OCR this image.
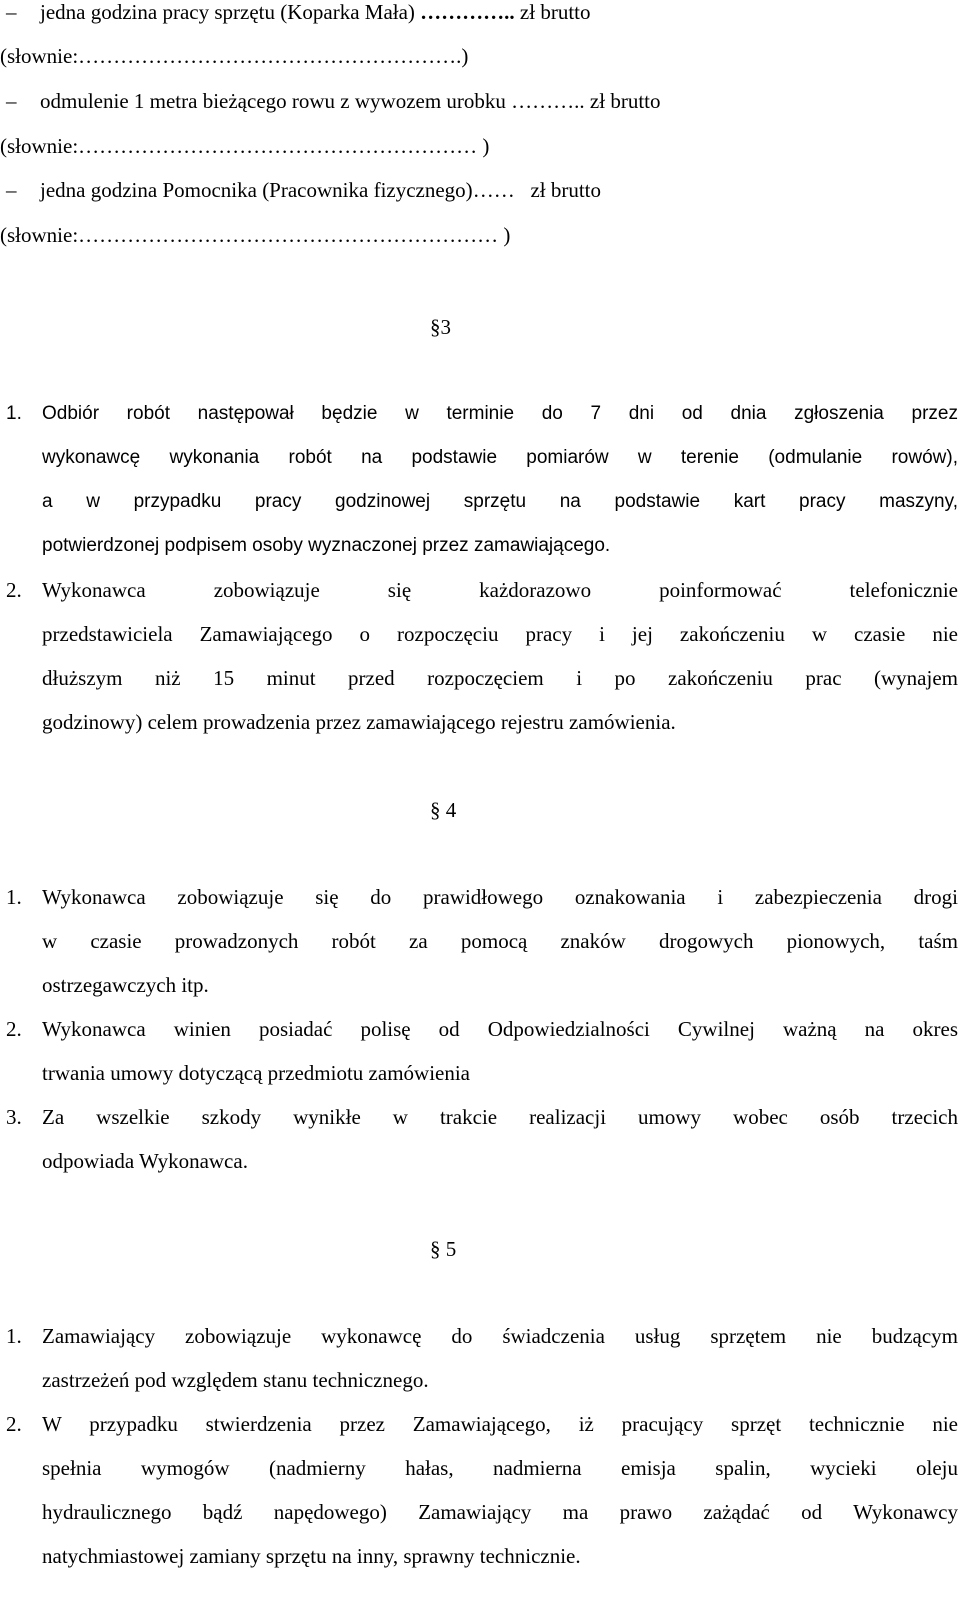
– jedna godzina pracy sprzętu (Koparka Mała) ………….. zł brutto
(słownie:……………………………………………….)
– odmulenie 1 metra bieżącego rowu z wywozem urobku ……….. zł brutto
(słownie:………………………………………………… )
– jedna godzina Pomocnika (Pracownika fizycznego)……   zł brutto
(słownie:…………………………………………………… )
§3
1. Odbiór robót następował będzie w terminie do 7 dni od dnia zgłoszenia przez
wykonawcę wykonania robót na podstawie pomiarów w terenie (odmulanie rowów),
a w przypadku pracy godzinowej sprzętu na podstawie kart pracy maszyny,
potwierdzonej podpisem osoby wyznaczonej przez zamawiającego.
2. Wykonawca zobowiązuje się każdorazowo poinformować telefonicznie
przedstawiciela Zamawiającego o rozpoczęciu pracy i jej zakończeniu w czasie nie
dłuższym niż 15 minut przed rozpoczęciem i po zakończeniu prac (wynajem
godzinowy) celem prowadzenia przez zamawiającego rejestru zamówienia.
§ 4
1. Wykonawca zobowiązuje się do prawidłowego oznakowania i zabezpieczenia drogi
w czasie prowadzonych robót za pomocą znaków drogowych pionowych, taśm
ostrzegawczych itp.
2. Wykonawca winien posiadać polisę od Odpowiedzialności Cywilnej ważną na okres
trwania umowy dotyczącą przedmiotu zamówienia
3. Za wszelkie szkody wynikłe w trakcie realizacji umowy wobec osób trzecich
odpowiada Wykonawca.
§ 5
1. Zamawiający zobowiązuje wykonawcę do świadczenia usług sprzętem nie budzącym
zastrzeżeń pod względem stanu technicznego.
2. W przypadku stwierdzenia przez Zamawiającego, iż pracujący sprzęt technicznie nie
spełnia wymogów (nadmierny hałas, nadmierna emisja spalin, wycieki oleju
hydraulicznego bądź napędowego) Zamawiający ma prawo zażądać od Wykonawcy
natychmiastowej zamiany sprzętu na inny, sprawny technicznie.
